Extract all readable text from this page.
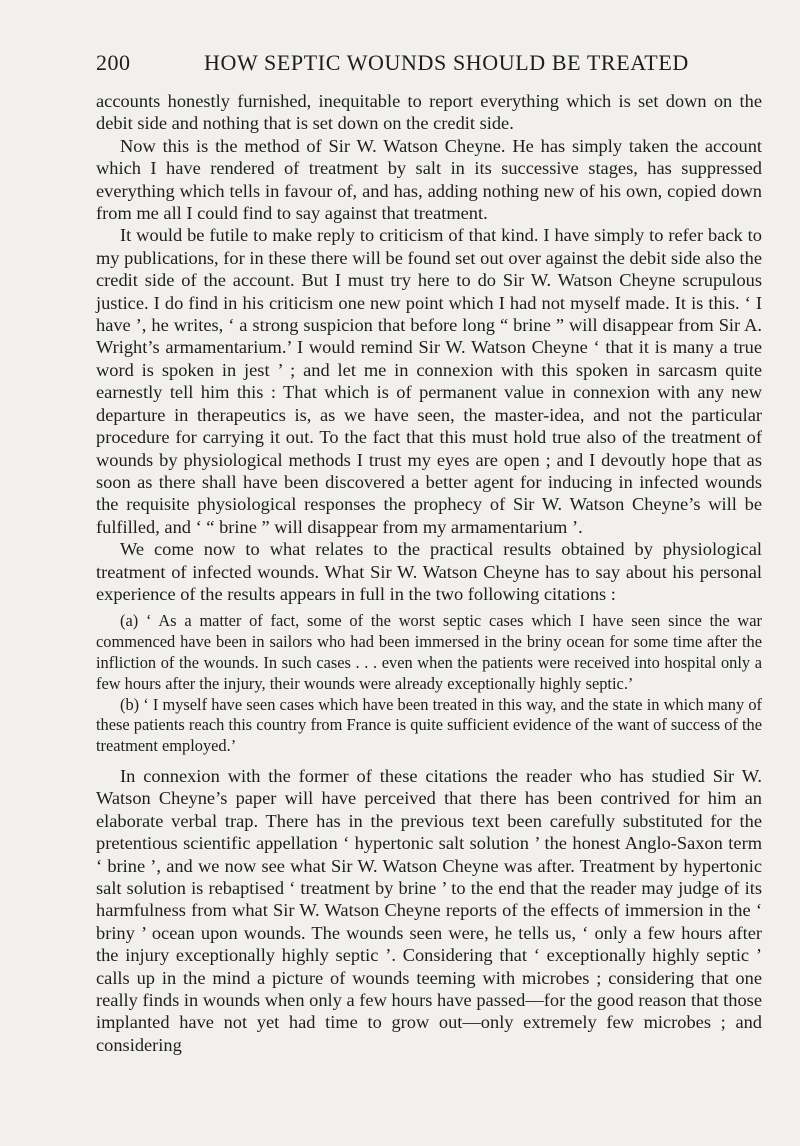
200	HOW SEPTIC WOUNDS SHOULD BE TREATED

accounts honestly furnished, inequitable to report everything which is set down on the debit side and nothing that is set down on the credit side.

Now this is the method of Sir W. Watson Cheyne. He has simply taken the account which I have rendered of treatment by salt in its successive stages, has suppressed everything which tells in favour of, and has, adding nothing new of his own, copied down from me all I could find to say against that treatment.

It would be futile to make reply to criticism of that kind. I have simply to refer back to my publications, for in these there will be found set out over against the debit side also the credit side of the account. But I must try here to do Sir W. Watson Cheyne scrupulous justice. I do find in his criticism one new point which I had not myself made. It is this. ‘ I have ’, he writes, ‘ a strong suspicion that before long “ brine ” will disappear from Sir A. Wright’s armamentarium.’ I would remind Sir W. Watson Cheyne ‘ that it is many a true word is spoken in jest ’ ; and let me in connexion with this spoken in sarcasm quite earnestly tell him this : That which is of permanent value in connexion with any new departure in therapeutics is, as we have seen, the master-idea, and not the particular procedure for carrying it out. To the fact that this must hold true also of the treatment of wounds by physiological methods I trust my eyes are open ; and I devoutly hope that as soon as there shall have been discovered a better agent for inducing in infected wounds the requisite physiological responses the prophecy of Sir W. Watson Cheyne’s will be fulfilled, and ‘ “ brine ” will disappear from my armamentarium ’.

We come now to what relates to the practical results obtained by physiological treatment of infected wounds. What Sir W. Watson Cheyne has to say about his personal experience of the results appears in full in the two following citations :

(a) ‘ As a matter of fact, some of the worst septic cases which I have seen since the war commenced have been in sailors who had been immersed in the briny ocean for some time after the infliction of the wounds. In such cases . . . even when the patients were received into hospital only a few hours after the injury, their wounds were already exceptionally highly septic.’

(b) ‘ I myself have seen cases which have been treated in this way, and the state in which many of these patients reach this country from France is quite sufficient evidence of the want of success of the treatment employed.’

In connexion with the former of these citations the reader who has studied Sir W. Watson Cheyne’s paper will have perceived that there has been contrived for him an elaborate verbal trap. There has in the previous text been carefully substituted for the pretentious scientific appellation ‘ hypertonic salt solution ’ the honest Anglo-Saxon term ‘ brine ’, and we now see what Sir W. Watson Cheyne was after. Treatment by hypertonic salt solution is rebaptised ‘ treatment by brine ’ to the end that the reader may judge of its harmfulness from what Sir W. Watson Cheyne reports of the effects of immersion in the ‘ briny ’ ocean upon wounds. The wounds seen were, he tells us, ‘ only a few hours after the injury exceptionally highly septic ’. Considering that ‘ exceptionally highly septic ’ calls up in the mind a picture of wounds teeming with microbes ; considering that one really finds in wounds when only a few hours have passed—for the good reason that those implanted have not yet had time to grow out—only extremely few microbes ; and considering
